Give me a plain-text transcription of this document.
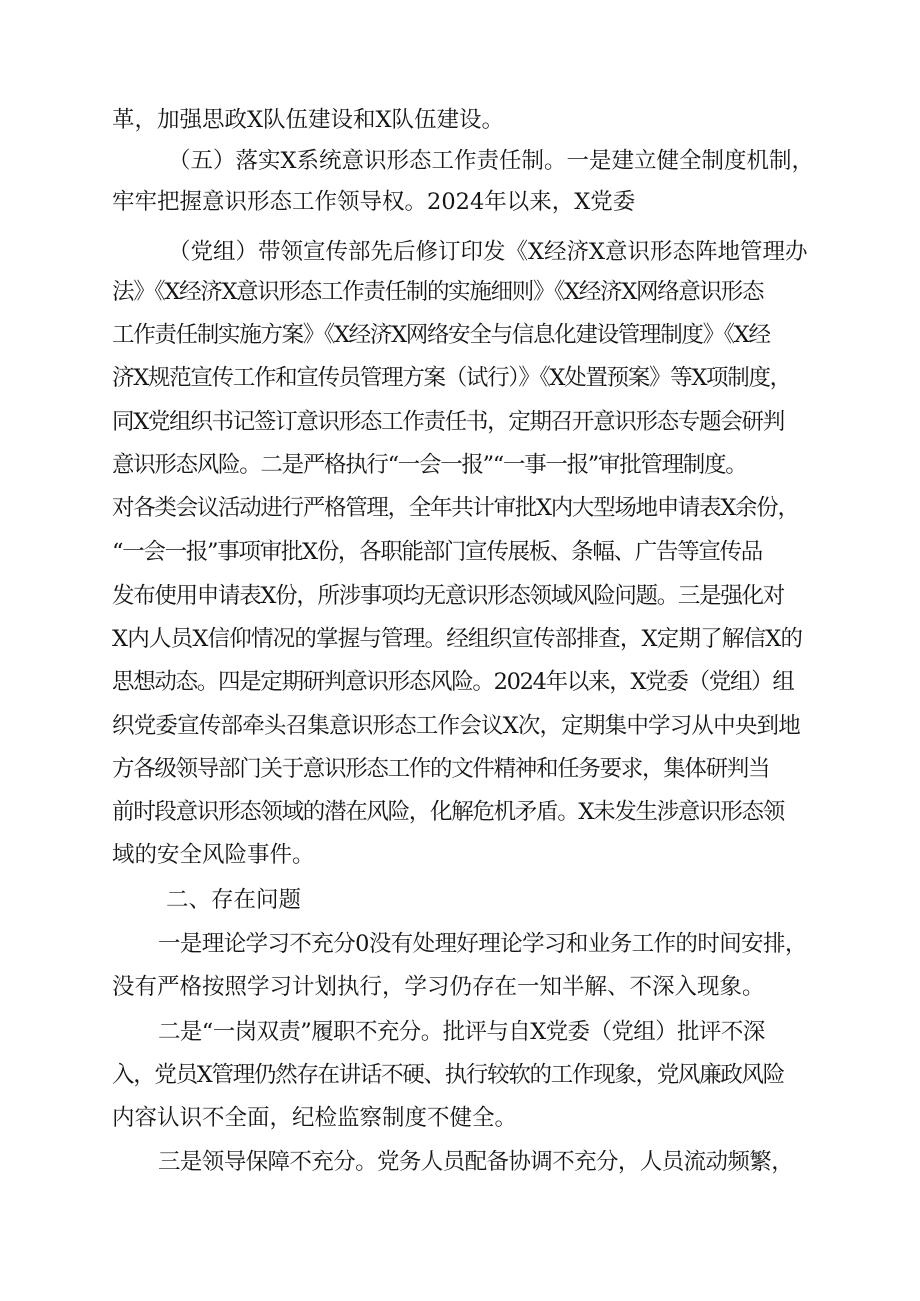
革，加强思政X队伍建设和X队伍建设。
（五）落实X系统意识形态工作责任制。一是建立健全制度机制，
牢牢把握意识形态工作领导权。2024年以来，X党委
（党组）带领宣传部先后修订印发《X经济X意识形态阵地管理办
法》《X经济X意识形态工作责任制的实施细则》《X经济X网络意识形态
工作责任制实施方案》《X经济X网络安全与信息化建设管理制度》《X经
济X规范宣传工作和宣传员管理方案（试行）》《X处置预案》等X项制度，
同X党组织书记签订意识形态工作责任书，定期召开意识形态专题会研判
意识形态风险。二是严格执行“一会一报”“一事一报”审批管理制度。
对各类会议活动进行严格管理，全年共计审批X内大型场地申请表X余份，
“一会一报”事项审批X份，各职能部门宣传展板、条幅、广告等宣传品
发布使用申请表X份，所涉事项均无意识形态领域风险问题。三是强化对
X内人员X信仰情况的掌握与管理。经组织宣传部排查，X定期了解信X的
思想动态。四是定期研判意识形态风险。2024年以来，X党委（党组）组
织党委宣传部牵头召集意识形态工作会议X次，定期集中学习从中央到地
方各级领导部门关于意识形态工作的文件精神和任务要求，集体研判当
前时段意识形态领域的潜在风险，化解危机矛盾。X未发生涉意识形态领
域的安全风险事件。
二、存在问题
一是理论学习不充分0没有处理好理论学习和业务工作的时间安排，
没有严格按照学习计划执行，学习仍存在一知半解、不深入现象。
二是“一岗双责”履职不充分。批评与自X党委（党组）批评不深
入，党员X管理仍然存在讲话不硬、执行较软的工作现象，党风廉政风险
内容认识不全面，纪检监察制度不健全。
三是领导保障不充分。党务人员配备协调不充分，人员流动频繁，
